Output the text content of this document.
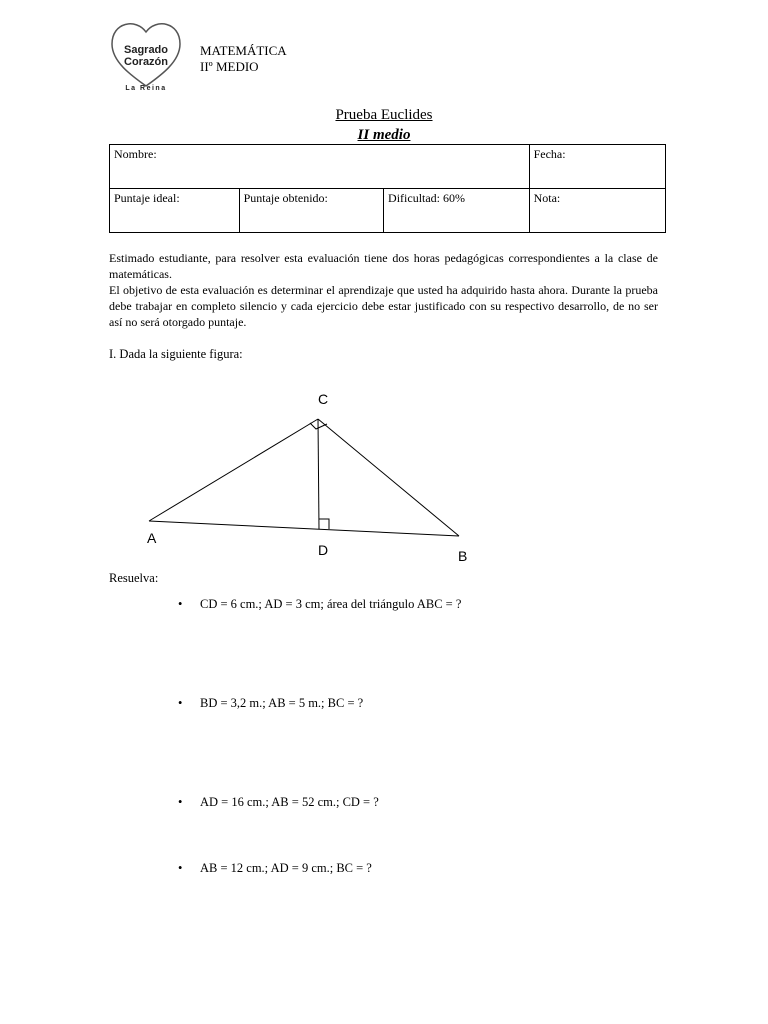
Sagrado
Corazón
La Reina
MATEMÁTICA
IIº MEDIO
Prueba Euclides
II medio
Nombre:			Fecha:
Puntaje ideal:	Puntaje obtenido:	Dificultad: 60%	Nota:

Estimado estudiante, para resolver esta evaluación tiene dos horas pedagógicas correspondientes a la clase de matemáticas.

El objetivo de esta evaluación es determinar el aprendizaje que usted ha adquirido hasta ahora. Durante la prueba debe trabajar en completo silencio y cada ejercicio debe estar justificado con su respectivo desarrollo, de no ser así no será otorgado puntaje.

I. Dada la siguiente figura:
C
A
D	B
Resuelva:
• CD = 6 cm.; AD = 3 cm; área del triángulo ABC = ?
• BD = 3,2 m.; AB = 5 m.; BC = ?
• AD = 16 cm.; AB = 52 cm.; CD = ?
• AB = 12 cm.; AD = 9 cm.; BC = ?
